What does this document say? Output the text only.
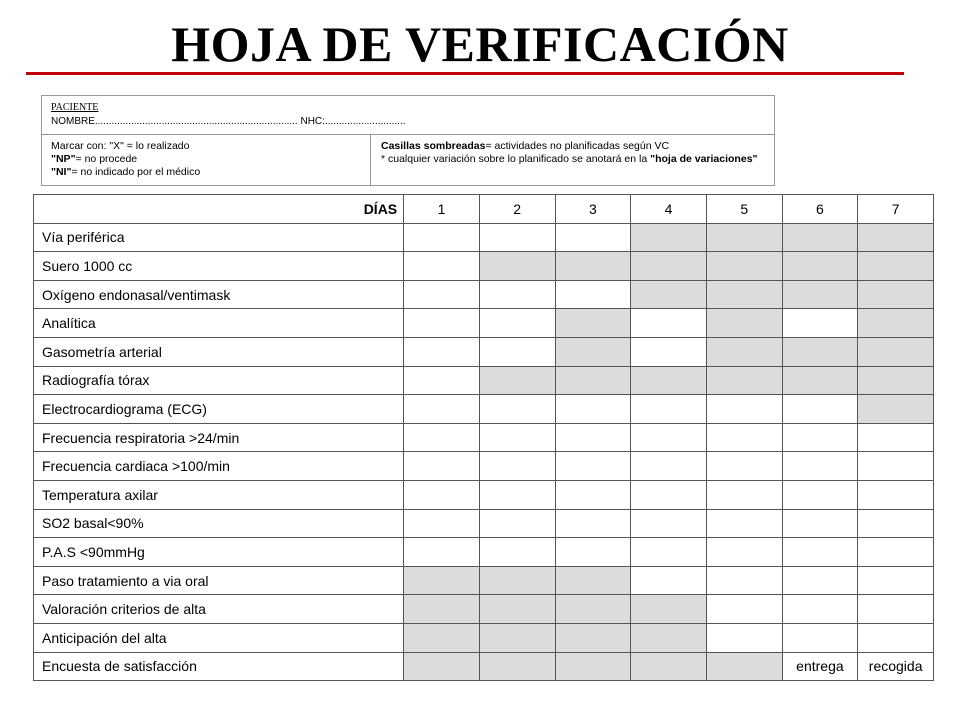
HOJA DE VERIFICACIÓN
PACIENTE
NOMBRE......................................................................... NHC:.............................
Marcar con: "X" = lo realizado
"NP"= no procede
"NI"= no indicado por el médico
Casillas sombreadas= actividades no planificadas según VC
* cualquier variación sobre lo planificado se anotará en la "hoja de variaciones"
DÍAS	1	2	3	4	5	6	7
Vía periférica							
Suero 1000 cc							
Oxígeno endonasal/ventimask							
Analítica							
Gasometría arterial							
Radiografía tórax							
Electrocardiograma (ECG)							
Frecuencia respiratoria >24/min							
Frecuencia cardiaca >100/min							
Temperatura axilar							
SO2 basal<90%							
P.A.S <90mmHg							
Paso tratamiento a via oral							
Valoración criterios de alta							
Anticipación del alta							
Encuesta de satisfacción						entrega	recogida
